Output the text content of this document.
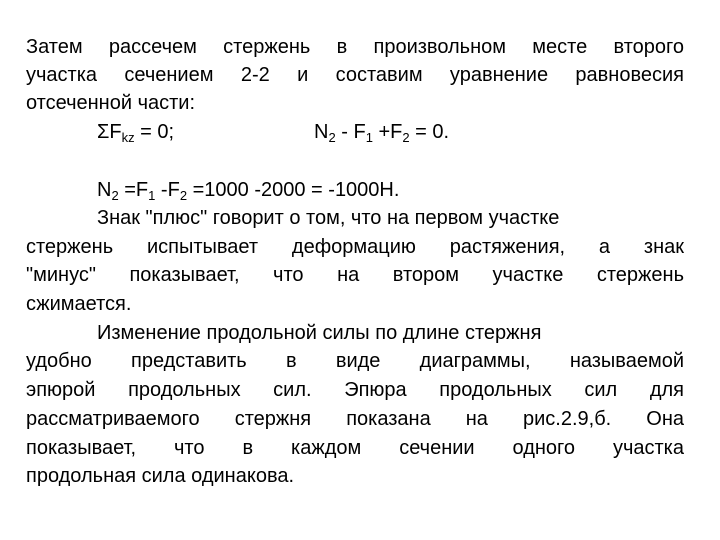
Затем рассечем стержень в произвольном месте второго
участка сечением 2-2 и составим уравнение равновесия
отсеченной части:
$\Sigma F_{kz} = 0$;	$N_2 - F_1 +F_2 = 0$.
$N_2 =F_1$ $-F_2 =1000$ -2000 = -1000Н.
Знак "плюс" говорит о том, что на первом участке
стержень испытывает деформацию растяжения, а знак
"минус" показывает, что на втором участке стержень
сжимается.
Изменение продольной силы по длине стержня
удобно представить в виде диаграммы, называемой
эпюрой продольных сил. Эпюра продольных сил для
рассматриваемого стержня показана на рис.2.9,б. Она
показывает, что в каждом сечении одного участка
продольная сила одинакова.
